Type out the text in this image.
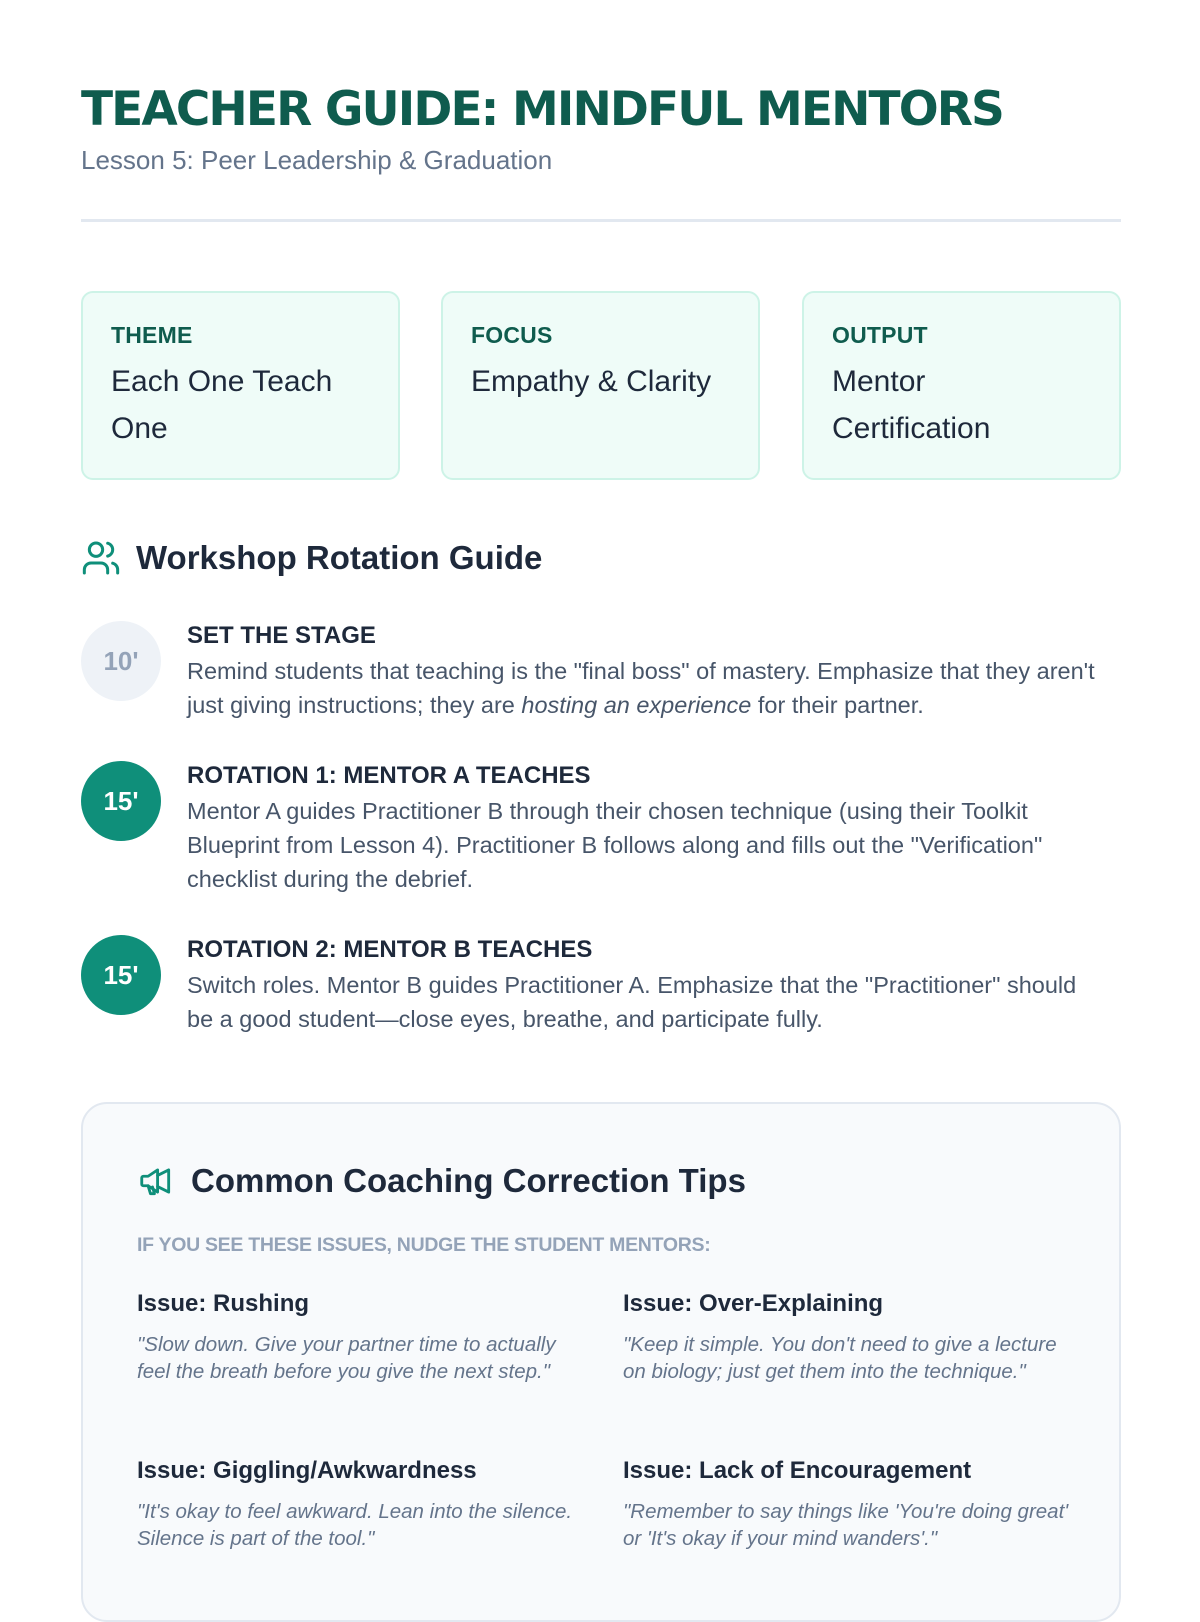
TEACHER GUIDE: MINDFUL MENTORS
Lesson 5: Peer Leadership & Graduation
THEME
Each One Teach One
FOCUS
Empathy & Clarity
OUTPUT
Mentor Certification
Workshop Rotation Guide
10'
SET THE STAGE
Remind students that teaching is the "final boss" of mastery. Emphasize that they aren't just giving instructions; they are hosting an experience for their partner.
15'
ROTATION 1: MENTOR A TEACHES
Mentor A guides Practitioner B through their chosen technique (using their Toolkit Blueprint from Lesson 4). Practitioner B follows along and fills out the "Verification" checklist during the debrief.
15'
ROTATION 2: MENTOR B TEACHES
Switch roles. Mentor B guides Practitioner A. Emphasize that the "Practitioner" should be a good student—close eyes, breathe, and participate fully.
Common Coaching Correction Tips
IF YOU SEE THESE ISSUES, NUDGE THE STUDENT MENTORS:
Issue: Rushing
"Slow down. Give your partner time to actually feel the breath before you give the next step."
Issue: Over-Explaining
"Keep it simple. You don't need to give a lecture on biology; just get them into the technique."
Issue: Giggling/Awkwardness
"It's okay to feel awkward. Lean into the silence. Silence is part of the tool."
Issue: Lack of Encouragement
"Remember to say things like 'You're doing great' or 'It's okay if your mind wanders'."
